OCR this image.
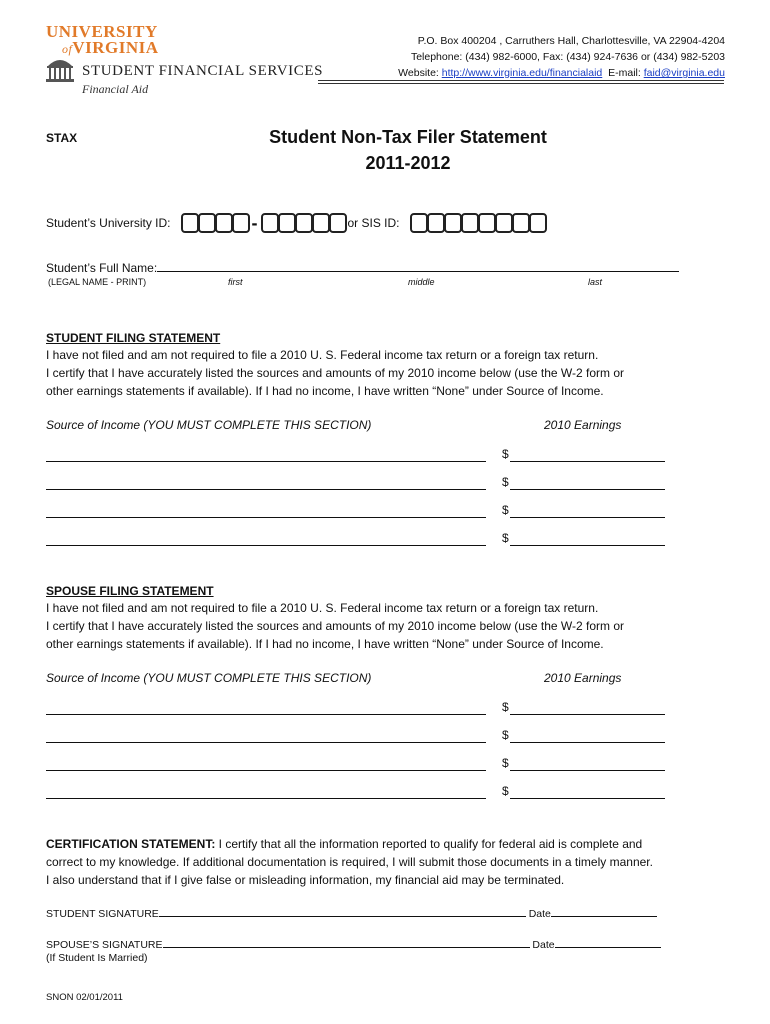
UNIVERSITY
ofVIRGINIA
STUDENT FINANCIAL SERVICES
Financial Aid
P.O. Box 400204 , Carruthers Hall, Charlottesville, VA 22904-4204
Telephone: (434) 982-6000, Fax: (434) 924-7636 or (434) 982-5203
Website: http://www.virginia.edu/financialaid E-mail: faid@virginia.edu
STAX	Student Non-Tax Filer Statement
2011-2012
Student’s University ID:	-	or SIS ID:
Student’s Full Name:
(LEGAL NAME - PRINT)	first	middle	last
STUDENT FILING STATEMENT
I have not filed and am not required to file a 2010 U. S. Federal income tax return or a foreign tax return.
I certify that I have accurately listed the sources and amounts of my 2010 income below (use the W-2 form or
other earnings statements if available). If I had no income, I have written “None” under Source of Income.
Source of Income (YOU MUST COMPLETE THIS SECTION)	2010 Earnings
$
$
$
$
SPOUSE FILING STATEMENT
I have not filed and am not required to file a 2010 U. S. Federal income tax return or a foreign tax return.
I certify that I have accurately listed the sources and amounts of my 2010 income below (use the W-2 form or
other earnings statements if available). If I had no income, I have written “None” under Source of Income.
Source of Income (YOU MUST COMPLETE THIS SECTION)	2010 Earnings
$
$
$
$
CERTIFICATION STATEMENT: I certify that all the information reported to qualify for federal aid is complete and
correct to my knowledge. If additional documentation is required, I will submit those documents in a timely manner.
I also understand that if I give false or misleading information, my financial aid may be terminated.
STUDENT SIGNATURE	Date
SPOUSE’S SIGNATURE	Date
(If Student Is Married)
SNON 02/01/2011
